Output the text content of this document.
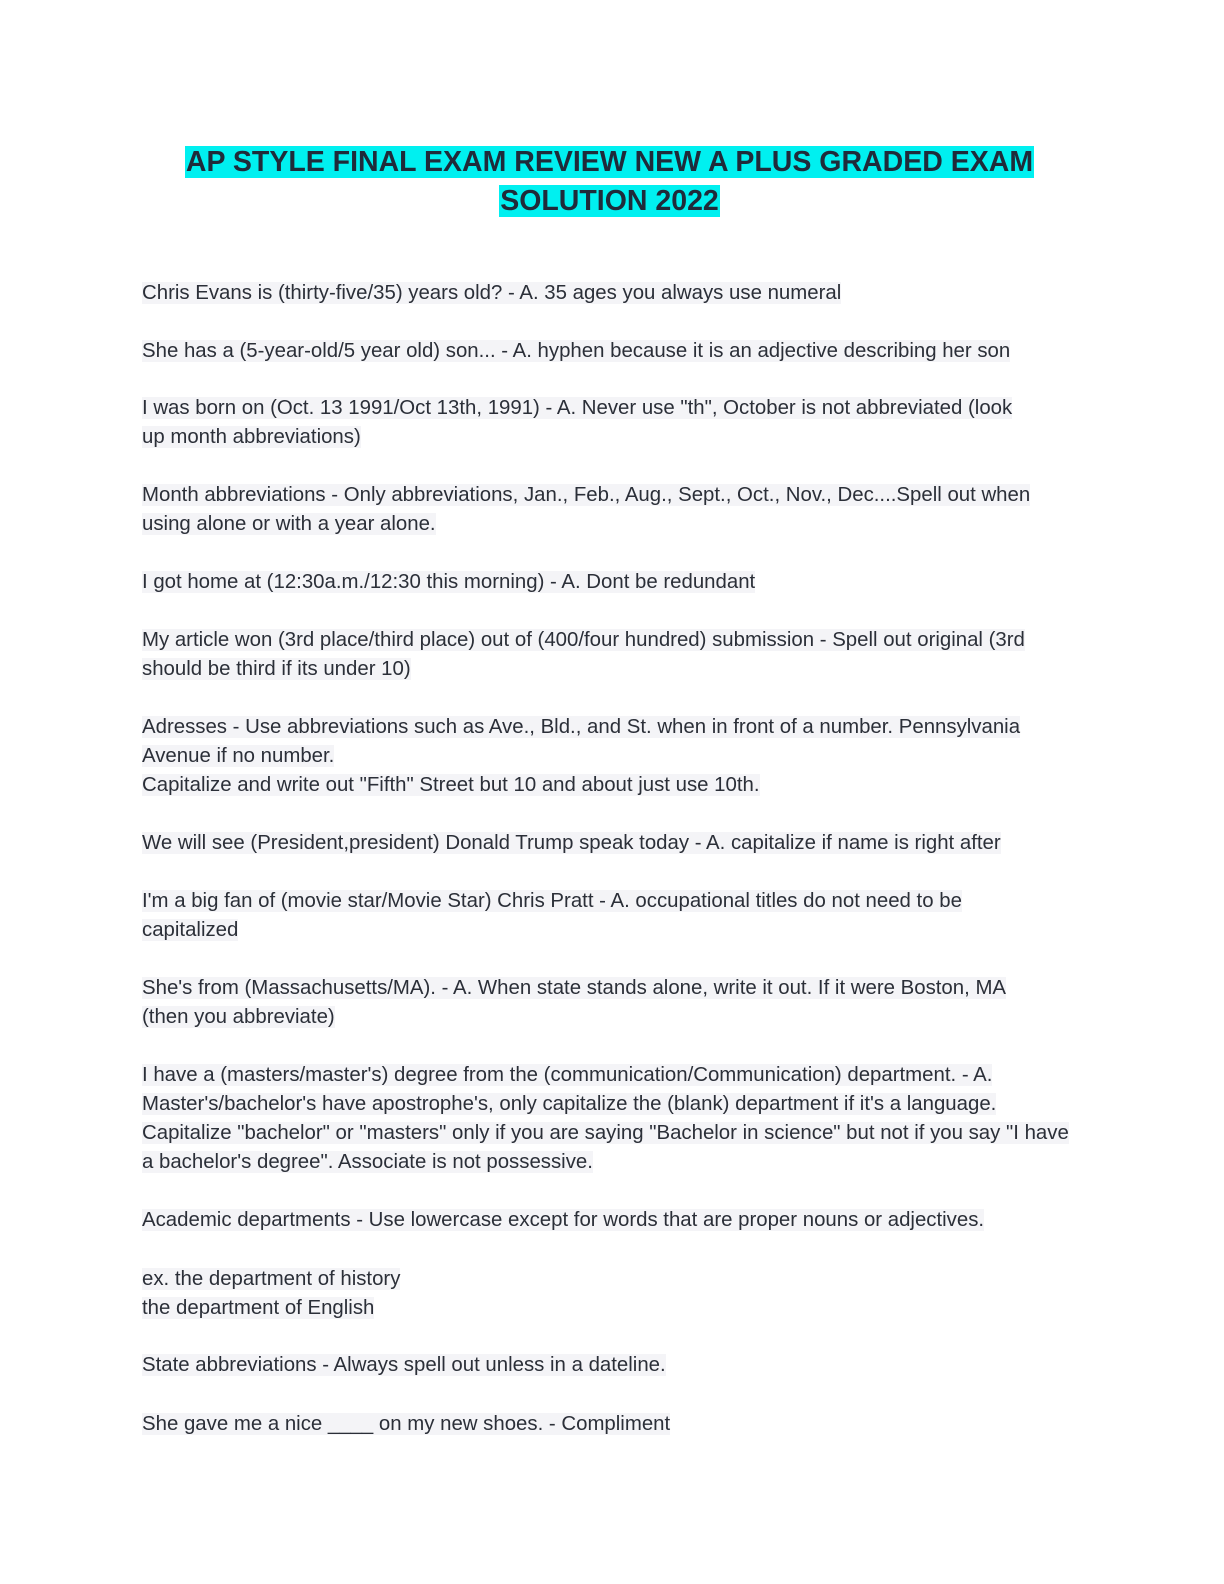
AP STYLE FINAL EXAM REVIEW NEW A PLUS GRADED EXAM SOLUTION 2022

Chris Evans is (thirty-five/35) years old? - A. 35 ages you always use numeral

She has a (5-year-old/5 year old) son... - A. hyphen because it is an adjective describing her son

I was born on (Oct. 13 1991/Oct 13th, 1991) - A. Never use "th", October is not abbreviated (look up month abbreviations)

Month abbreviations - Only abbreviations, Jan., Feb., Aug., Sept., Oct., Nov., Dec....Spell out when using alone or with a year alone.

I got home at (12:30a.m./12:30 this morning) - A. Dont be redundant

My article won (3rd place/third place) out of (400/four hundred) submission - Spell out original (3rd should be third if its under 10)

Adresses - Use abbreviations such as Ave., Bld., and St. when in front of a number. Pennsylvania Avenue if no number.
Capitalize and write out "Fifth" Street but 10 and about just use 10th.

We will see (President,president) Donald Trump speak today - A. capitalize if name is right after

I'm a big fan of (movie star/Movie Star) Chris Pratt - A. occupational titles do not need to be capitalized

She's from (Massachusetts/MA). - A. When state stands alone, write it out. If it were Boston, MA (then you abbreviate)

I have a (masters/master's) degree from the (communication/Communication) department. - A. Master's/bachelor's have apostrophe's, only capitalize the (blank) department if it's a language. Capitalize "bachelor" or "masters" only if you are saying "Bachelor in science" but not if you say "I have a bachelor's degree". Associate is not possessive.

Academic departments - Use lowercase except for words that are proper nouns or adjectives.

ex. the department of history
the department of English

State abbreviations - Always spell out unless in a dateline.

She gave me a nice ____ on my new shoes. - Compliment
